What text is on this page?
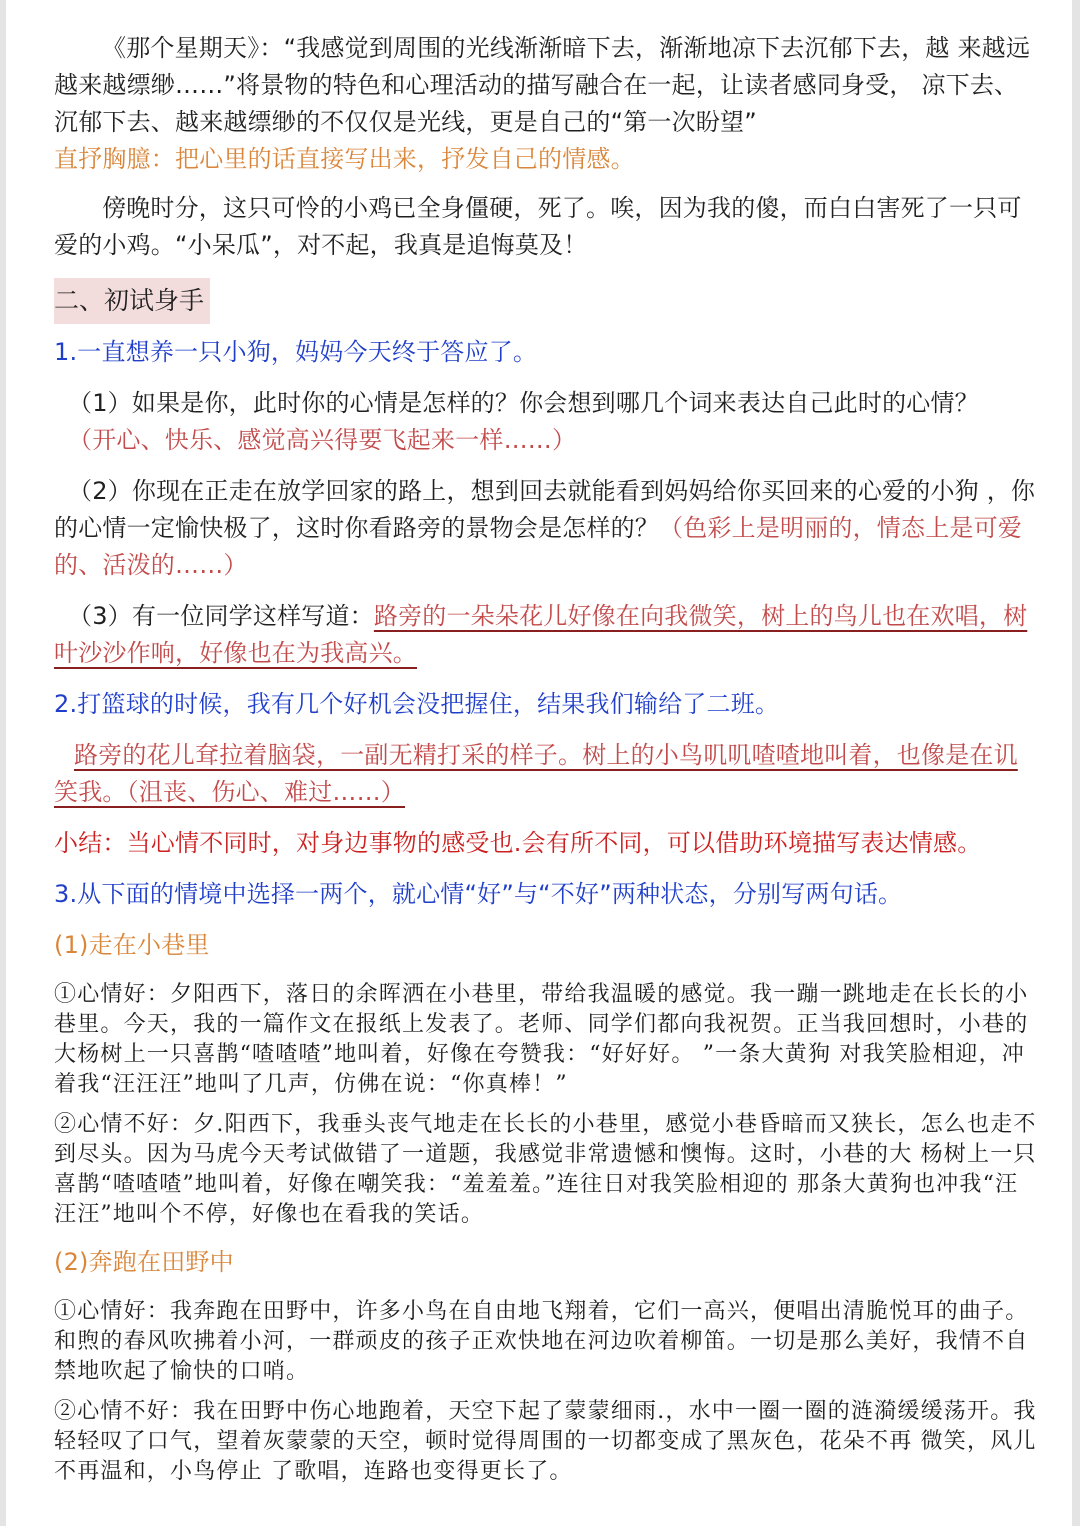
《那个星期天》：“我感觉到周围的光线渐渐暗下去，渐渐地凉下去沉郁下去，越 来越远越来越缥缈……”将景物的特色和心理活动的描写融合在一起，让读者感同身受， 凉下去、沉郁下去、越来越缥缈的不仅仅是光线，更是自己的“第一次盼望”

直抒胸臆：把心里的话直接写出来，抒发自己的情感。

傍晚时分，这只可怜的小鸡已全身僵硬，死了。唉，因为我的傻，而白白害死了一只可爱的小鸡。“小呆瓜”，对不起，我真是追悔莫及！

二、初试身手

1.一直想养一只小狗，妈妈今天终于答应了。

（1）如果是你，此时你的心情是怎样的？你会想到哪几个词来表达自己此时的心情？
（开心、快乐、感觉高兴得要飞起来一样……）

（2）你现在正走在放学回家的路上，想到回去就能看到妈妈给你买回来的心爱的小狗 ，你的心情一定愉快极了，这时你看路旁的景物会是怎样的？（色彩上是明丽的，情态上是可爱的、活泼的……）

（3）有一位同学这样写道：路旁的一朵朵花儿好像在向我微笑，树上的鸟儿也在欢唱，树叶沙沙作响，好像也在为我高兴。

2.打篮球的时候，我有几个好机会没把握住，结果我们输给了二班。

路旁的花儿耷拉着脑袋，一副无精打采的样子。树上的小鸟叽叽喳喳地叫着，也像是在讥笑我。（沮丧、伤心、难过……）

小结：当心情不同时，对身边事物的感受也.会有所不同，可以借助环境描写表达情感。

3.从下面的情境中选择一两个，就心情“好”与“不好”两种状态，分别写两句话。

(1)走在小巷里

①心情好：夕阳西下，落日的余晖洒在小巷里，带给我温暖的感觉。我一蹦一跳地走在长长的小巷里。今天，我的一篇作文在报纸上发表了。老师、同学们都向我祝贺。正当我回想时，小巷的大杨树上一只喜鹊“喳喳喳”地叫着，好像在夸赞我：“好好好。 ”一条大黄狗 对我笑脸相迎，冲着我“汪汪汪”地叫了几声，仿佛在说：“你真棒！”

②心情不好：夕.阳西下，我垂头丧气地走在长长的小巷里，感觉小巷昏暗而又狭长，怎么也走不到尽头。因为马虎今天考试做错了一道题，我感觉非常遗憾和懊悔。这时，小巷的大 杨树上一只喜鹊“喳喳喳”地叫着，好像在嘲笑我：“羞羞羞。”连往日对我笑脸相迎的 那条大黄狗也冲我“汪汪汪”地叫个不停，好像也在看我的笑话。

(2)奔跑在田野中

①心情好：我奔跑在田野中，许多小鸟在自由地飞翔着，它们一高兴，便唱出清脆悦耳的曲子。和煦的春风吹拂着小河，一群顽皮的孩子正欢快地在河边吹着柳笛。一切是那么美好，我情不自禁地吹起了愉快的口哨。

②心情不好：我在田野中伤心地跑着，天空下起了蒙蒙细雨.，水中一圈一圈的涟漪缓缓荡开。我轻轻叹了口气，望着灰蒙蒙的天空，顿时觉得周围的一切都变成了黑灰色，花朵不再 微笑，风儿不再温和，小鸟停止 了歌唱，连路也变得更长了。
